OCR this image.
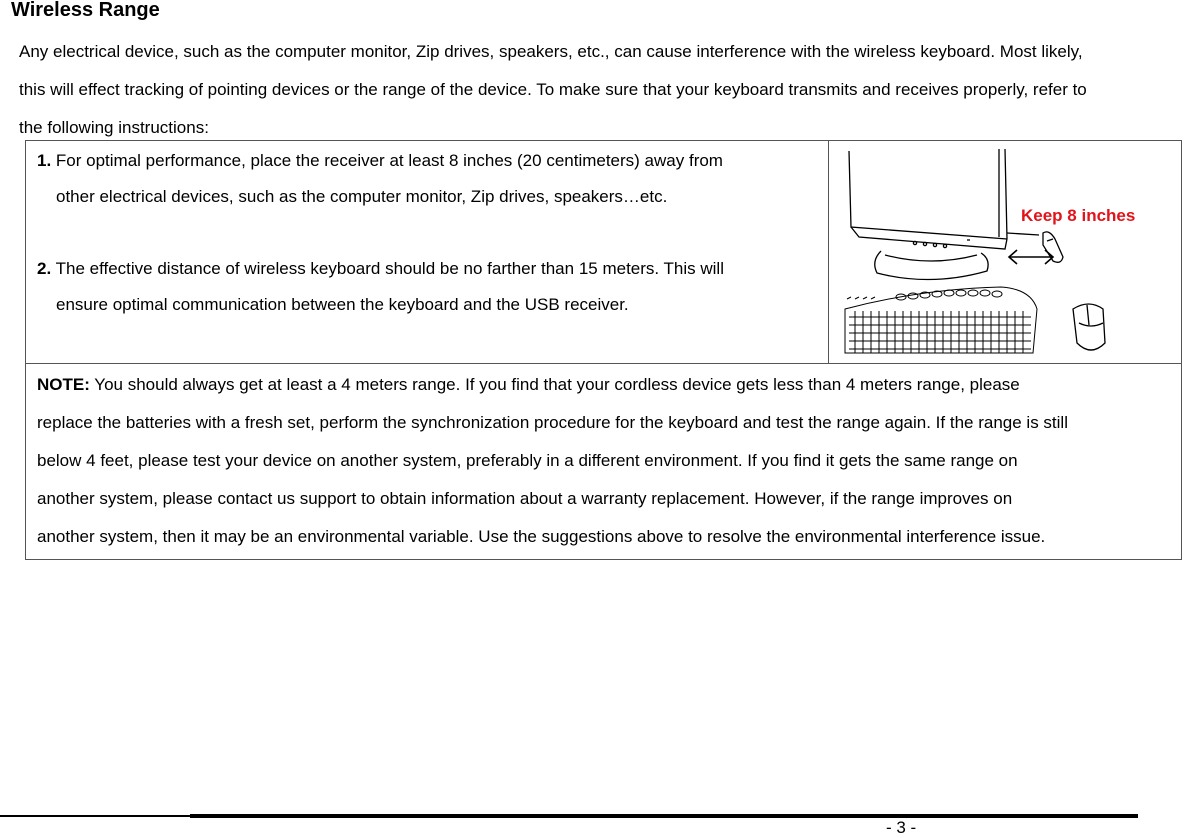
Wireless Range
Any electrical device, such as the computer monitor, Zip drives, speakers, etc., can cause interference with the wireless keyboard. Most likely,
this will effect tracking of pointing devices or the range of the device. To make sure that your keyboard transmits and receives properly, refer to
the following instructions:
1. For optimal performance, place the receiver at least 8 inches (20 centimeters) away from
other electrical devices, such as the computer monitor, Zip drives, speakers…etc.
2. The effective distance of wireless keyboard should be no farther than 15 meters. This will
ensure optimal communication between the keyboard and the USB receiver.

Keep 8 inches

NOTE: You should always get at least a 4 meters range. If you find that your cordless device gets less than 4 meters range, please
replace the batteries with a fresh set, perform the synchronization procedure for the keyboard and test the range again. If the range is still
below 4 feet, please test your device on another system, preferably in a different environment. If you find it gets the same range on
another system, please contact us support to obtain information about a warranty replacement. However, if the range improves on
another system, then it may be an environmental variable. Use the suggestions above to resolve the environmental interference issue.
- 3 -
